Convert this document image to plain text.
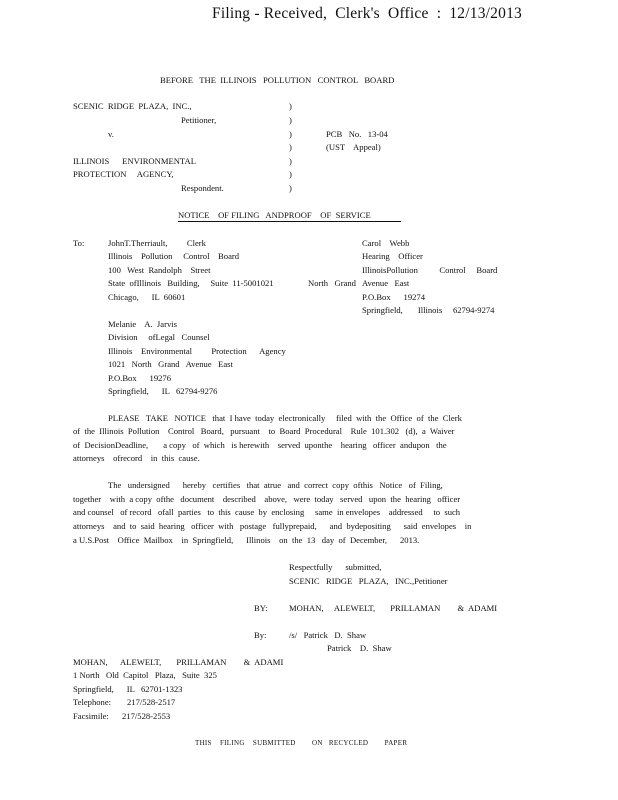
Filing - Received,  Clerk's  Office  :  12/13/2013
BEFORE   THE  ILLINOIS   POLLUTION   CONTROL   BOARD
SCENIC  RIDGE  PLAZA,  INC.,
Petitioner,
v.
ILLINOIS      ENVIRONMENTAL
PROTECTION     AGENCY,
Respondent.
)
)
)
)
)
)
)
PCB   No.   13-04
(UST    Appeal)
NOTICE    OF FILING   ANDPROOF    OF  SERVICE
To:	JohnT.Therriault,         Clerk
Illinois    Pollution     Control    Board
100   West  Randolph    Street
State  ofIllinois   Building,     Suite  11-5001021
Chicago,      IL  60601
North   Grand   Avenue   East
Carol    Webb
Hearing    Officer
IllinoisPollution          Control     Board
P.O.Box      19274
Springfield,       Illinois     62794-9274
Melanie    A.  Jarvis
Division     ofLegal   Counsel
Illinois    Environmental         Protection      Agency
1021   North   Grand   Avenue   East
P.O.Box      19276
Springfield,      IL   62794-9276
PLEASE   TAKE   NOTICE   that  I have  today  electronically     filed  with  the  Office  of  the  Clerk
of  the  Illinois  Pollution    Control   Board,   pursuant    to  Board  Procedural    Rule  101.302   (d),  a  Waiver
of  DecisionDeadline,       a copy   of  which   is herewith    served  uponthe    hearing   officer  andupon   the
attorneys    ofrecord    in  this  cause.
The   undersigned      hereby   certifies   that  atrue   and  correct  copy  ofthis   Notice   of  Filing,
together    with  a copy  ofthe   document    described    above,   were  today   served   upon  the  hearing   officer
and counsel   of record   ofall  parties   to  this  cause  by  enclosing     same  in envelopes    addressed     to  such
attorneys    and  to  said  hearing   officer  with   postage   fullyprepaid,      and  bydepositing      said  envelopes    in
a U.S.Post    Office  Mailbox    in  Springfield,      Illinois    on  the  13   day  of  December,      2013.
Respectfully      submitted,
SCENIC   RIDGE   PLAZA,   INC.,Petitioner
BY: MOHAN,     ALEWELT,       PRILLAMAN        &  ADAMI
By:	/s/   Patrick   D.  Shaw
Patrick    D.  Shaw
MOHAN,      ALEWELT,       PRILLAMAN        &  ADAMI
1 North   Old  Capitol   Plaza,   Suite  325
Springfield,      IL   62701-1323
Telephone: 217/528-2517
Facsimile: 217/528-2553
THIS    FILING    SUBMITTED        ON   RECYCLED        PAPER
